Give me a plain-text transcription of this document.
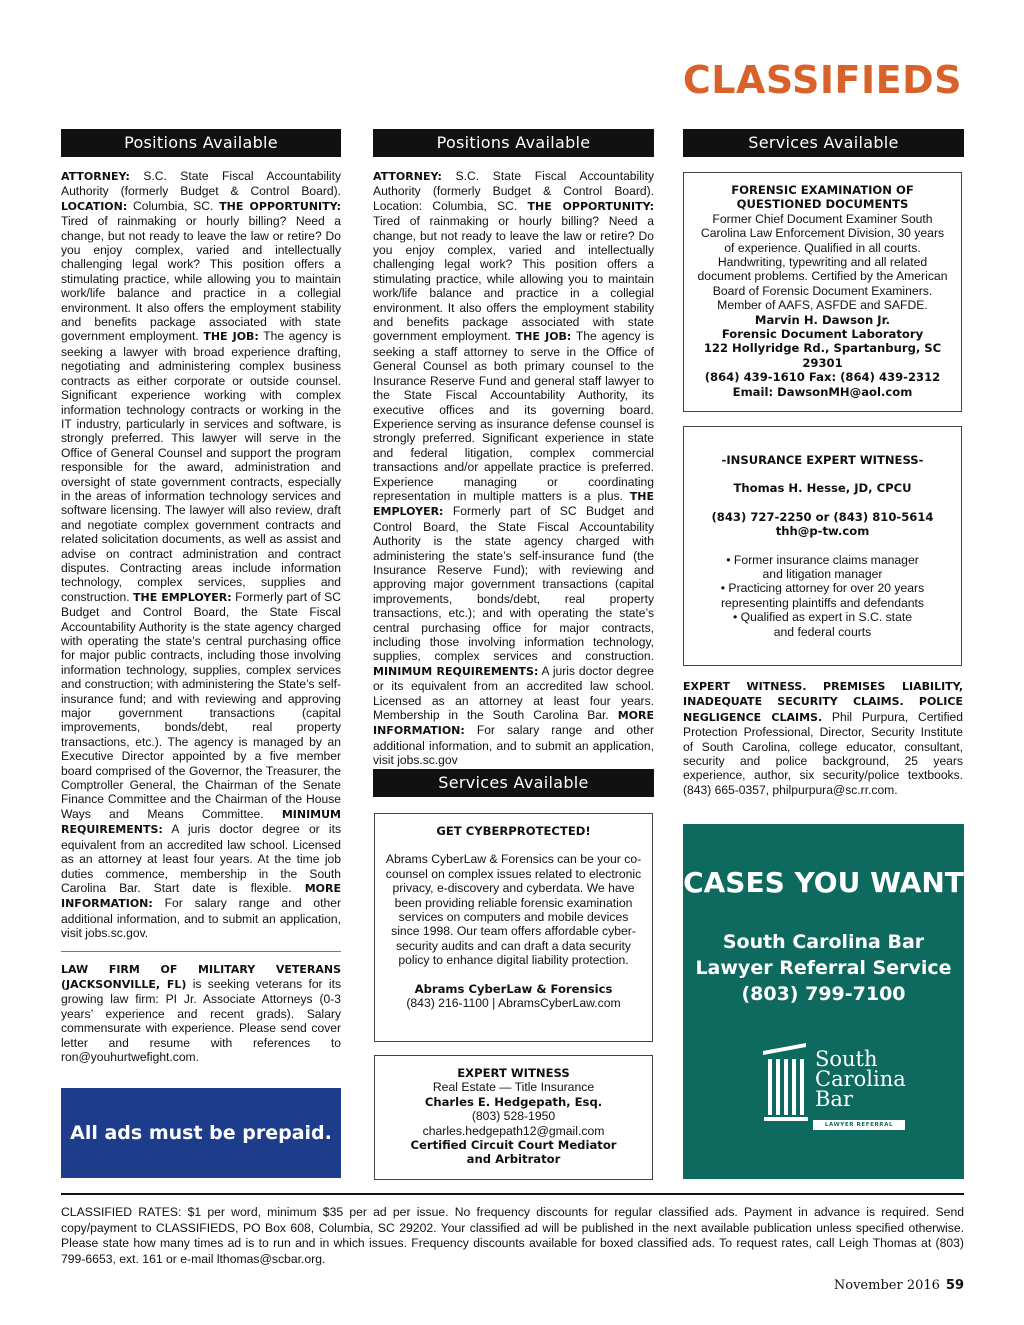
CLASSIFIEDS
Positions Available
ATTORNEY: S.C. State Fiscal Accountability Authority (formerly Budget & Control Board). LOCATION: Columbia, SC. THE OPPORTUNITY: Tired of rainmaking or hourly billing? Need a change, but not ready to leave the law or retire? Do you enjoy complex, varied and intellectually challenging legal work? This position offers a stimulating practice, while allowing you to maintain work/life balance and practice in a collegial environment. It also offers the employment stability and benefits package associated with state government employment. THE JOB: The agency is seeking a lawyer with broad experience drafting, negotiating and administering complex business contracts as either corporate or outside counsel. Significant experience working with complex information technology contracts or working in the IT industry, particularly in services and software, is strongly preferred. This lawyer will serve in the Office of General Counsel and support the program responsible for the award, administration and oversight of state government contracts, especially in the areas of information technology services and software licensing. The lawyer will also review, draft and negotiate complex government contracts and related solicitation documents, as well as assist and advise on contract administration and contract disputes. Contracting areas include information technology, complex services, supplies and construction. THE EMPLOYER: Formerly part of SC Budget and Control Board, the State Fiscal Accountability Authority is the state agency charged with operating the state’s central purchasing office for major public contracts, including those involving information technology, supplies, complex services and construction; with administering the State’s self-insurance fund; and with reviewing and approving major government transactions (capital improvements, bonds/debt, real property transactions, etc.). The agency is managed by an Executive Director appointed by a five member board comprised of the Governor, the Treasurer, the Comptroller General, the Chairman of the Senate Finance Committee and the Chairman of the House Ways and Means Committee. MINIMUM REQUIREMENTS: A juris doctor degree or its equivalent from an accredited law school. Licensed as an attorney at least four years. At the time job duties commence, membership in the South Carolina Bar. Start date is flexible. MORE INFORMATION: For salary range and other additional information, and to submit an application, visit jobs.sc.gov.
LAW FIRM OF MILITARY VETERANS (JACKSONVILLE, FL) is seeking veterans for its growing law firm: PI Jr. Associate Attorneys (0-3 years’ experience and recent grads). Salary commensurate with experience. Please send cover letter and resume with references to ron@youhurtwefight.com.
All ads must be prepaid.
Positions Available
ATTORNEY: S.C. State Fiscal Accountability Authority (formerly Budget & Control Board). Location: Columbia, SC. THE OPPORTUNITY: Tired of rainmaking or hourly billing? Need a change, but not ready to leave the law or retire? Do you enjoy complex, varied and intellectually challenging legal work? This position offers a stimulating practice, while allowing you to maintain work/life balance and practice in a collegial environment. It also offers the employment stability and benefits package associated with state government employment. THE JOB: The agency is seeking a staff attorney to serve in the Office of General Counsel as both primary counsel to the Insurance Reserve Fund and general staff lawyer to the State Fiscal Accountability Authority, its executive offices and its governing board. Experience serving as insurance defense counsel is strongly preferred. Significant experience in state and federal litigation, complex commercial transactions and/or appellate practice is preferred. Experience managing or coordinating representation in multiple matters is a plus. THE EMPLOYER: Formerly part of SC Budget and Control Board, the State Fiscal Accountability Authority is the state agency charged with administering the state’s self-insurance fund (the Insurance Reserve Fund); with reviewing and approving major government transactions (capital improvements, bonds/debt, real property transactions, etc.); and with operating the state’s central purchasing office for major contracts, including those involving information technology, supplies, complex services and construction. MINIMUM REQUIREMENTS: A juris doctor degree or its equivalent from an accredited law school. Licensed as an attorney at least four years. Membership in the South Carolina Bar. MORE INFORMATION: For salary range and other additional information, and to submit an application, visit jobs.sc.gov
Services Available

GET CYBERPROTECTED!

Abrams CyberLaw & Forensics can be your co-counsel on complex issues related to electronic privacy, e-discovery and cyberdata. We have been providing reliable forensic examination services on computers and mobile devices since 1998. Our team offers affordable cyber-security audits and can draft a data security policy to enhance digital liability protection.

Abrams CyberLaw & Forensics

(843) 216-1100 | AbramsCyberLaw.com

EXPERT WITNESS

Real Estate — Title Insurance

Charles E. Hedgepath, Esq.

(803) 528-1950

charles.hedgepath12@gmail.com

Certified Circuit Court Mediator

and Arbitrator

Services Available

FORENSIC EXAMINATION OF

QUESTIONED DOCUMENTS

Former Chief Document Examiner South Carolina Law Enforcement Division, 30 years of experience. Qualified in all courts. Handwriting, typewriting and all related document problems. Certified by the American Board of Forensic Document Examiners. Member of AAFS, ASFDE and SAFDE.

Marvin H. Dawson Jr.

Forensic Document Laboratory

122 Hollyridge Rd., Spartanburg, SC 29301

(864) 439-1610 Fax: (864) 439-2312

Email: DawsonMH@aol.com

-INSURANCE EXPERT WITNESS-

Thomas H. Hesse, JD, CPCU

(843) 727-2250 or (843) 810-5614

thh@p-tw.com

• Former insurance claims manager

and litigation manager

• Practicing attorney for over 20 years

representing plaintiffs and defendants

• Qualified as expert in S.C. state

and federal courts

EXPERT WITNESS. PREMISES LIABILITY, INADEQUATE SECURITY CLAIMS. POLICE NEGLIGENCE CLAIMS. Phil Purpura, Certified Protection Professional, Director, Security Institute of South Carolina, college educator, consultant, security and police background, 25 years experience, author, six security/police textbooks. (843) 665-0357, philpurpura@sc.rr.com.
CASES YOU WANT
South Carolina Bar
Lawyer Referral Service
(803) 799-7100
South
Carolina
Bar
LAWYER REFERRAL SERVICE
CLASSIFIED RATES: $1 per word, minimum $35 per ad per issue. No frequency discounts for regular classified ads. Payment in advance is required. Send copy/payment to CLASSIFIEDS, PO Box 608, Columbia, SC 29202. Your classified ad will be published in the next available publication unless specified otherwise. Please state how many times ad is to run and in which issues. Frequency discounts available for boxed classified ads. To request rates, call Leigh Thomas at (803) 799-6653, ext. 161 or e-mail lthomas@scbar.org.
November 2016 59
